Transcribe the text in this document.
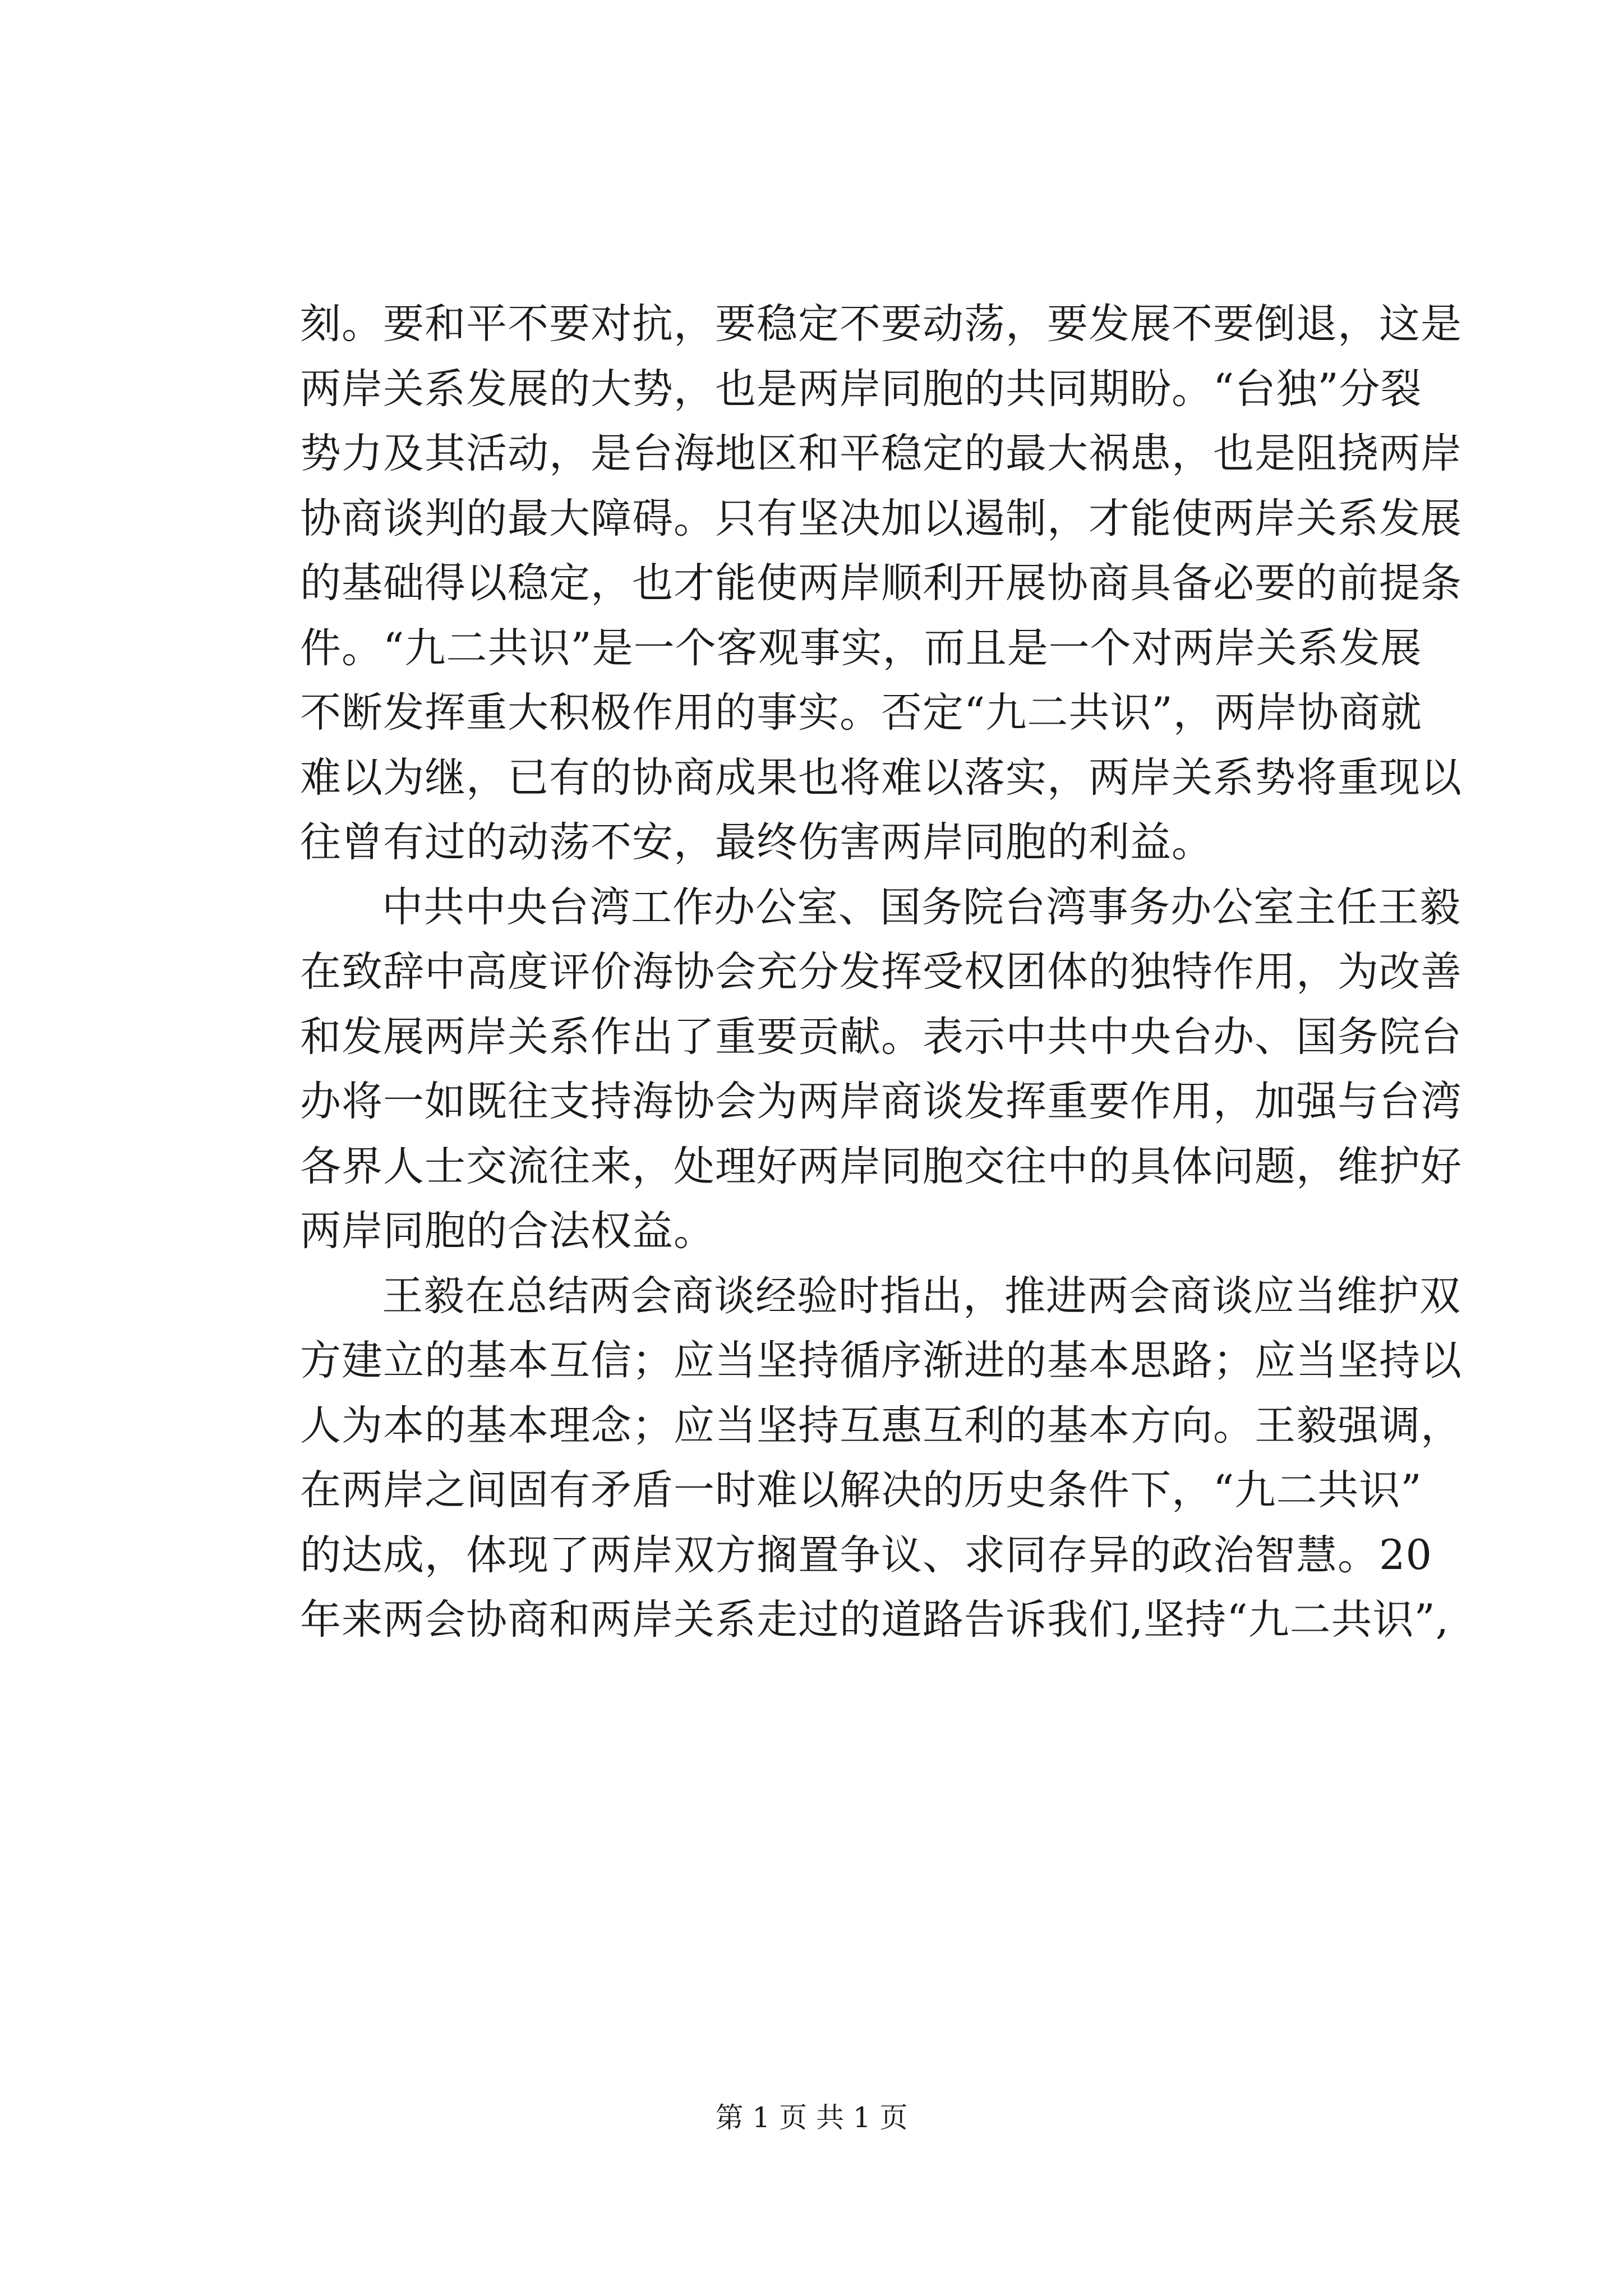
刻。要和平不要对抗，要稳定不要动荡，要发展不要倒退，这是
两岸关系发展的大势，也是两岸同胞的共同期盼。“台独”分裂
势力及其活动，是台海地区和平稳定的最大祸患，也是阻挠两岸
协商谈判的最大障碍。只有坚决加以遏制，才能使两岸关系发展
的基础得以稳定，也才能使两岸顺利开展协商具备必要的前提条
件。“九二共识”是一个客观事实，而且是一个对两岸关系发展
不断发挥重大积极作用的事实。否定“九二共识”，两岸协商就
难以为继，已有的协商成果也将难以落实，两岸关系势将重现以
往曾有过的动荡不安，最终伤害两岸同胞的利益。
中共中央台湾工作办公室、国务院台湾事务办公室主任王毅
在致辞中高度评价海协会充分发挥受权团体的独特作用，为改善
和发展两岸关系作出了重要贡献。表示中共中央台办、国务院台
办将一如既往支持海协会为两岸商谈发挥重要作用，加强与台湾
各界人士交流往来，处理好两岸同胞交往中的具体问题，维护好
两岸同胞的合法权益。
王毅在总结两会商谈经验时指出，推进两会商谈应当维护双
方建立的基本互信；应当坚持循序渐进的基本思路；应当坚持以
人为本的基本理念；应当坚持互惠互利的基本方向。王毅强调，
在两岸之间固有矛盾一时难以解决的历史条件下，“九二共识”
的达成，体现了两岸双方搁置争议、求同存异的政治智慧。20
年来两会协商和两岸关系走过的道路告诉我们,坚持“九二共识”,
第 1 页 共 1 页
